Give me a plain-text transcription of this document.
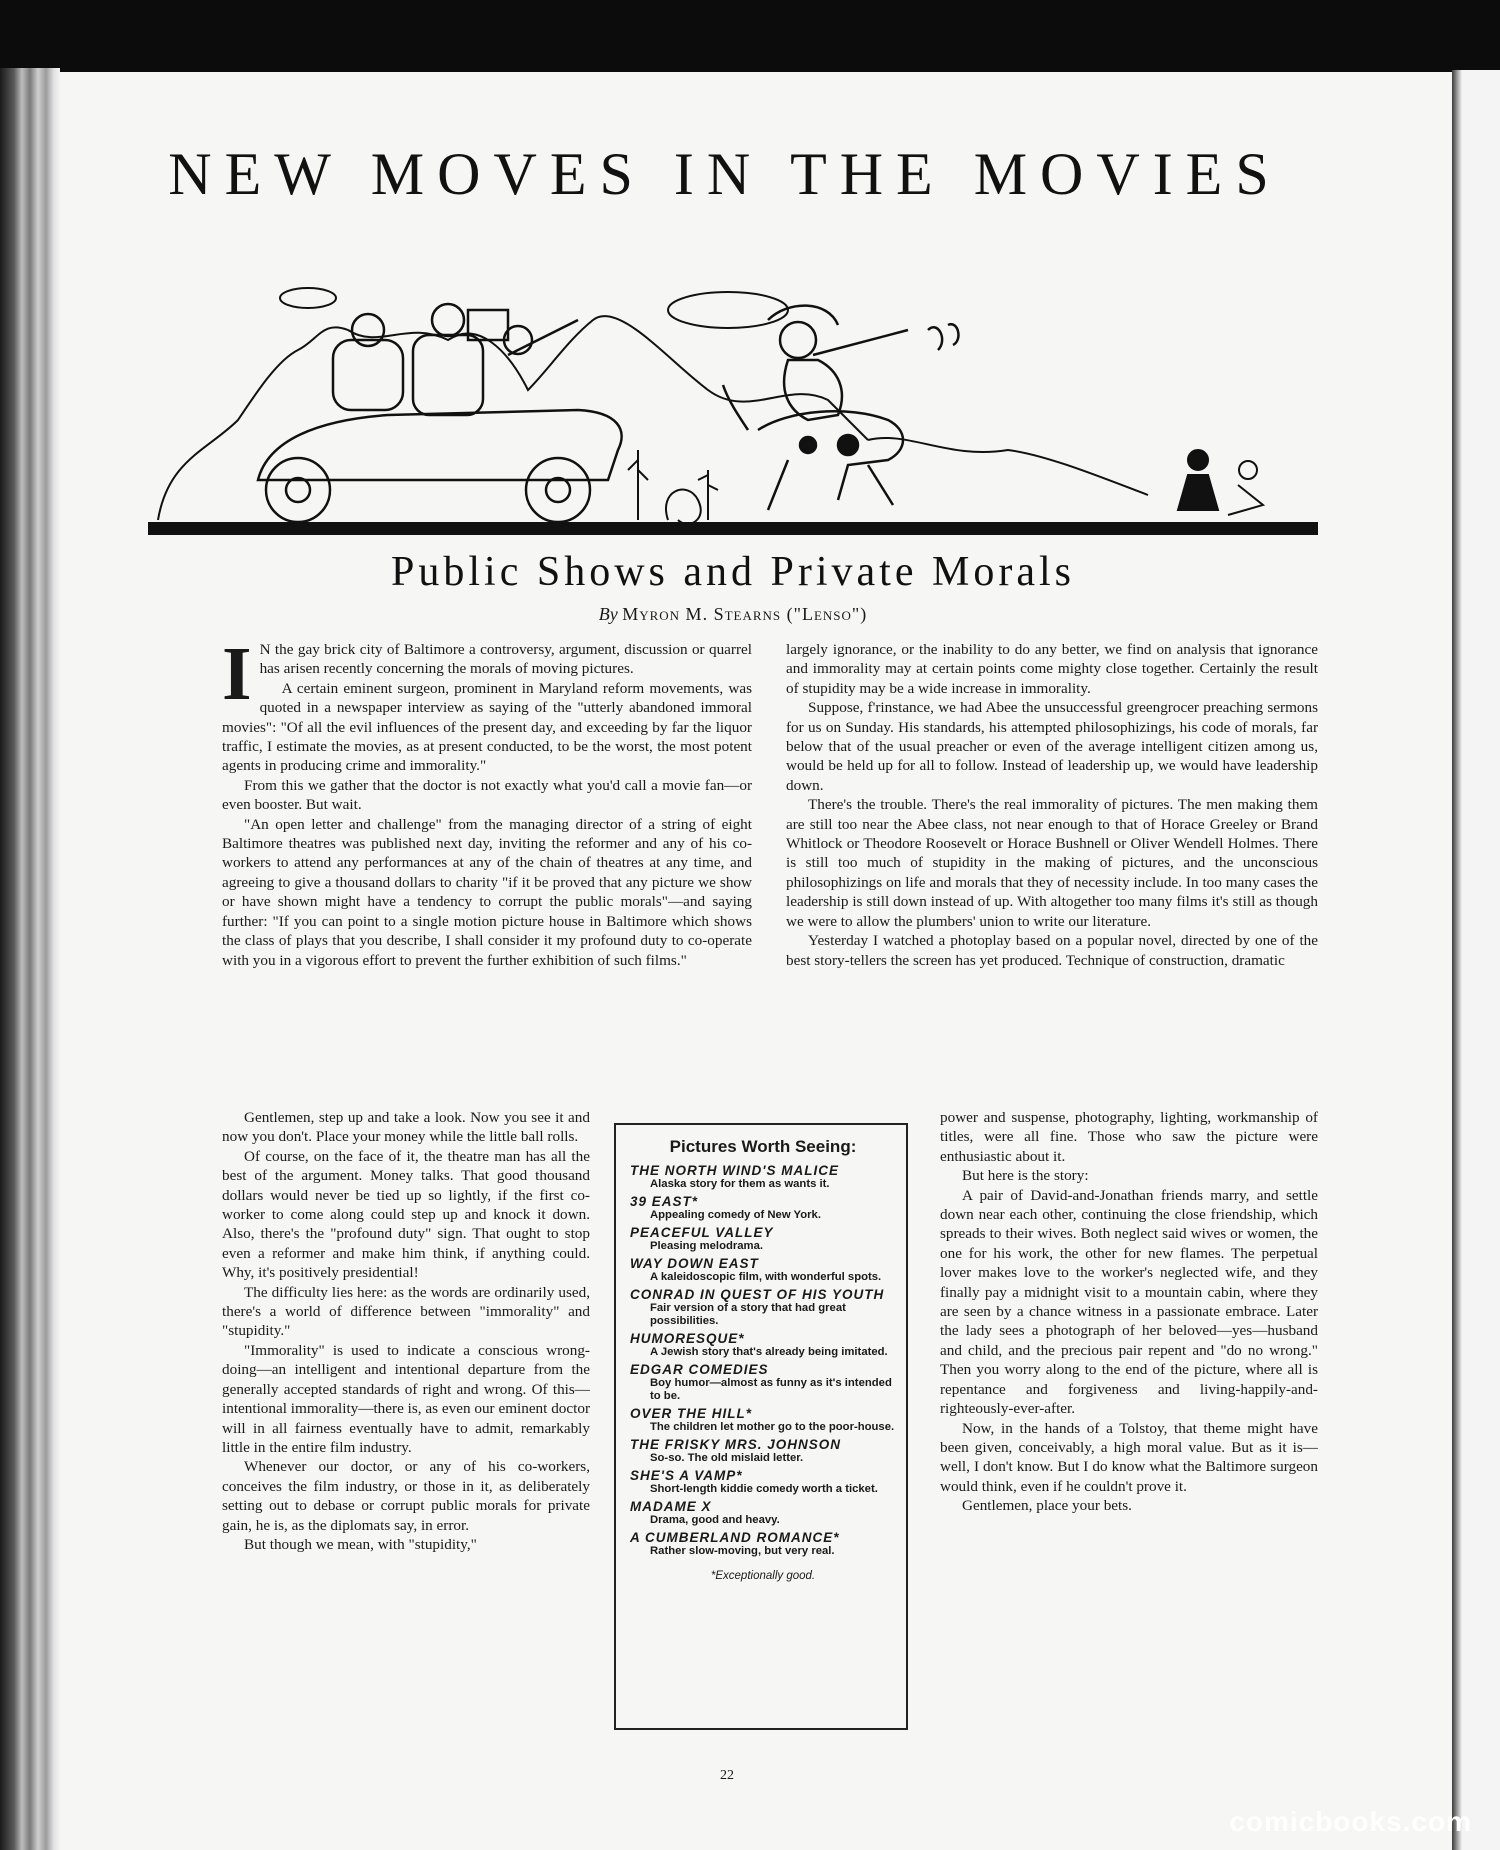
NEW MOVES IN THE MOVIES
Public Shows and Private Morals
By Myron M. Stearns ("Lenso")
I N the gay brick city of Baltimore a controversy, argument, discussion or quarrel has arisen recently concerning the morals of moving pictures.

A certain eminent surgeon, prominent in Maryland reform movements, was quoted in a newspaper interview as saying of the "utterly abandoned immoral movies": "Of all the evil influences of the present day, and exceeding by far the liquor traffic, I estimate the movies, as at present conducted, to be the worst, the most potent agents in producing crime and immorality."

From this we gather that the doctor is not exactly what you'd call a movie fan—or even booster. But wait.

"An open letter and challenge" from the managing director of a string of eight Baltimore theatres was published next day, inviting the reformer and any of his co-workers to attend any performances at any of the chain of theatres at any time, and agreeing to give a thousand dollars to charity "if it be proved that any picture we show or have shown might have a tendency to corrupt the public morals"—and saying further: "If you can point to a single motion picture house in Baltimore which shows the class of plays that you describe, I shall consider it my profound duty to co-operate with you in a vigorous effort to prevent the further exhibition of such films."

Gentlemen, step up and take a look. Now you see it and now you don't. Place your money while the little ball rolls.

Of course, on the face of it, the theatre man has all the best of the argument. Money talks. That good thousand dollars would never be tied up so lightly, if the first co-worker to come along could step up and knock it down. Also, there's the "profound duty" sign. That ought to stop even a reformer and make him think, if anything could. Why, it's positively presidential!

The difficulty lies here: as the words are ordinarily used, there's a world of difference between "immorality" and "stupidity."

"Immorality" is used to indicate a conscious wrong-doing—an intelligent and intentional departure from the generally accepted standards of right and wrong. Of this—intentional immorality—there is, as even our eminent doctor will in all fairness eventually have to admit, remarkably little in the entire film industry.

Whenever our doctor, or any of his co-workers, conceives the film industry, or those in it, as deliberately setting out to debase or corrupt public morals for private gain, he is, as the diplomats say, in error.

But though we mean, with "stupidity,"

largely ignorance, or the inability to do any better, we find on analysis that ignorance and immorality may at certain points come mighty close together. Certainly the result of stupidity may be a wide increase in immorality.

Suppose, f'rinstance, we had Abee the unsuccessful greengrocer preaching sermons for us on Sunday. His standards, his attempted philosophizings, his code of morals, far below that of the usual preacher or even of the average intelligent citizen among us, would be held up for all to follow. Instead of leadership up, we would have leadership down.

There's the trouble. There's the real immorality of pictures. The men making them are still too near the Abee class, not near enough to that of Horace Greeley or Brand Whitlock or Theodore Roosevelt or Horace Bushnell or Oliver Wendell Holmes. There is still too much of stupidity in the making of pictures, and the unconscious philosophizings on life and morals that they of necessity include. In too many cases the leadership is still down instead of up. With altogether too many films it's still as though we were to allow the plumbers' union to write our literature.

Yesterday I watched a photoplay based on a popular novel, directed by one of the best story-tellers the screen has yet produced. Technique of construction, dramatic

power and suspense, photography, lighting, workmanship of titles, were all fine. Those who saw the picture were enthusiastic about it.

But here is the story:

A pair of David-and-Jonathan friends marry, and settle down near each other, continuing the close friendship, which spreads to their wives. Both neglect said wives or women, the one for his work, the other for new flames. The perpetual lover makes love to the worker's neglected wife, and they finally pay a midnight visit to a mountain cabin, where they are seen by a chance witness in a passionate embrace. Later the lady sees a photograph of her beloved—yes—husband and child, and the precious pair repent and "do no wrong." Then you worry along to the end of the picture, where all is repentance and forgiveness and living-happily-and-righteously-ever-after.

Now, in the hands of a Tolstoy, that theme might have been given, conceivably, a high moral value. But as it is—well, I don't know. But I do know what the Baltimore surgeon would think, even if he couldn't prove it.

Gentlemen, place your bets.

Pictures Worth Seeing:
THE NORTH WIND'S MALICE
Alaska story for them as wants it.
39 EAST*
Appealing comedy of New York.
PEACEFUL VALLEY
Pleasing melodrama.
WAY DOWN EAST
A kaleidoscopic film, with wonderful spots.
CONRAD IN QUEST OF HIS YOUTH
Fair version of a story that had great possibilities.
HUMORESQUE*
A Jewish story that's already being imitated.
EDGAR COMEDIES
Boy humor—almost as funny as it's intended to be.
OVER THE HILL*
The children let mother go to the poor-house.
THE FRISKY MRS. JOHNSON
So-so. The old mislaid letter.
SHE'S A VAMP*
Short-length kiddie comedy worth a ticket.
MADAME X
Drama, good and heavy.
A CUMBERLAND ROMANCE*
Rather slow-moving, but very real.
*Exceptionally good.
22
comicbooks.com
